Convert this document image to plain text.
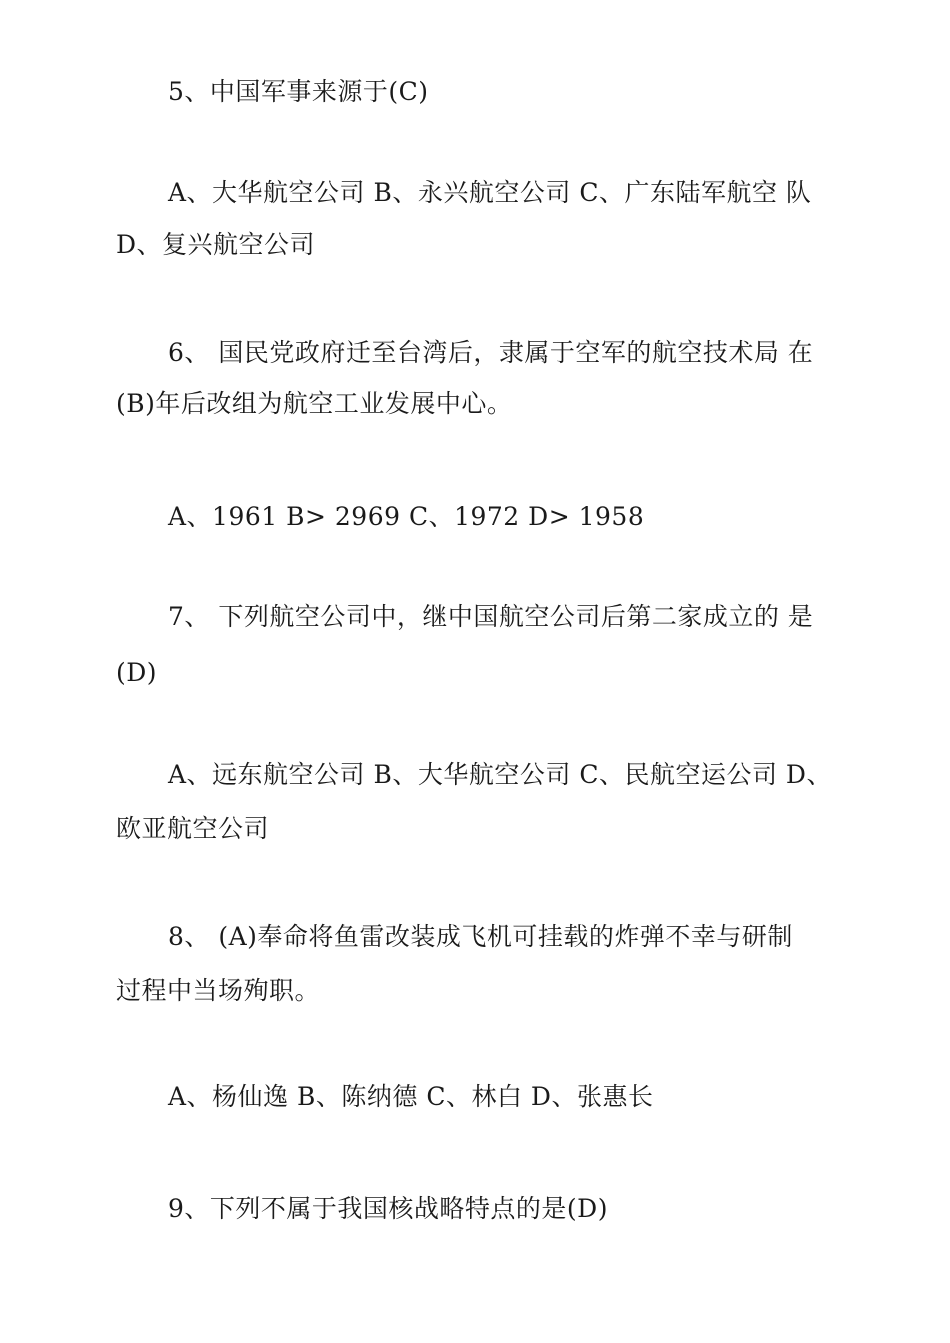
5、中国军事来源于(C)
A、大华航空公司 B、永兴航空公司 C、广东陆军航空 队
D、复兴航空公司
6、 国民党政府迁至台湾后，隶属于空军的航空技术局 在
(B)年后改组为航空工业发展中心。
A、1961 B> 2969 C、1972 D> 1958
7、 下列航空公司中，继中国航空公司后第二家成立的 是
(D)
A、远东航空公司 B、大华航空公司 C、民航空运公司 D、
欧亚航空公司
8、 (A)奉命将鱼雷改装成飞机可挂载的炸弹不幸与研制
过程中当场殉职。
A、杨仙逸 B、陈纳德 C、林白 D、张惠长
9、下列不属于我国核战略特点的是(D)
